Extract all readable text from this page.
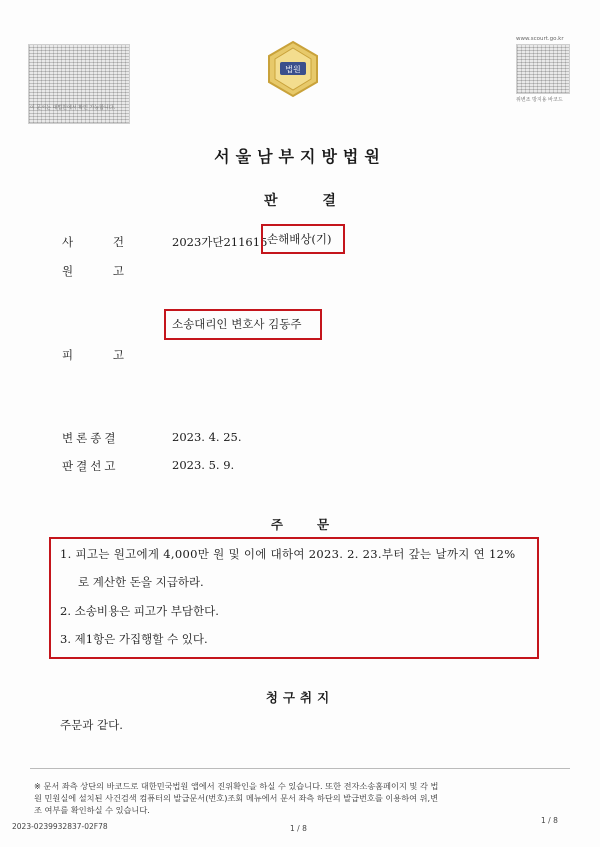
이 문서는 대법원에서 확인 가능합니다.
www.scourt.go.kr
위변조 방지용 바코드
법원
서울남부지방법원
판 결
사	건	2023가단211615 손해배상(기)
원	고
소송대리인 변호사 김동주
피	고
변론종결	2023. 4. 25.
판결선고	2023. 5. 9.
주	문
1. 피고는 원고에게 4,000만 원 및 이에 대하여 2023. 2. 23.부터 갚는 날까지 연 12%
로 계산한 돈을 지급하라.
2. 소송비용은 피고가 부담한다.
3. 제1항은 가집행할 수 있다.
청구취지
주문과 같다.
※ 문서 좌측 상단의 바코드로 대한민국법원 앱에서 진위확인을 하실 수 있습니다. 또한 전자소송홈페이지 및 각 법
원 민원실에 설치된 사건검색 컴퓨터의 발급문서(번호)조회 메뉴에서 문서 좌측 하단의 발급번호를 이용하여 위,변
조 여부를 확인하실 수 있습니다.
2023-0239932837-02F78	1 / 8
1 / 8
